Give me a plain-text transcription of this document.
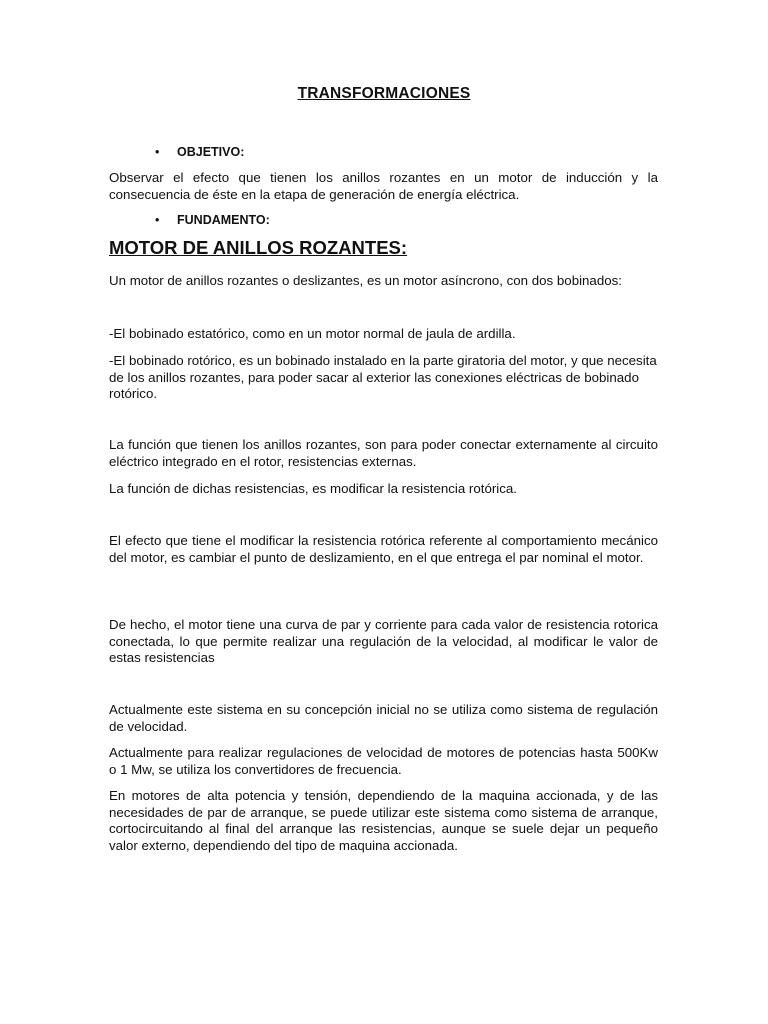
TRANSFORMACIONES
• OBJETIVO:
Observar el efecto que tienen los anillos rozantes en un motor de inducción y la consecuencia de éste en la etapa de generación de energía eléctrica.
• FUNDAMENTO:
MOTOR DE ANILLOS ROZANTES:
Un motor de anillos rozantes o deslizantes, es un motor asíncrono, con dos bobinados:
-El bobinado estatórico, como en un motor normal de jaula de ardilla.
-El bobinado rotórico, es un bobinado instalado en la parte giratoria del motor, y que necesita de los anillos rozantes, para poder sacar al exterior las conexiones eléctricas de bobinado rotórico.
La función que tienen los anillos rozantes, son para poder conectar externamente al circuito eléctrico integrado en el rotor, resistencias externas.
La función de dichas resistencias, es modificar la resistencia rotórica.
El efecto que tiene el modificar la resistencia rotórica referente al comportamiento mecánico del motor, es cambiar el punto de deslizamiento, en el que entrega el par nominal el motor.
De hecho, el motor tiene una curva de par y corriente para cada valor de resistencia rotorica conectada, lo que permite realizar una regulación de la velocidad, al modificar le valor de estas resistencias
Actualmente este sistema en su concepción inicial no se utiliza como sistema de regulación de velocidad.
Actualmente para realizar regulaciones de velocidad de motores de potencias hasta 500Kw o 1 Mw, se utiliza los convertidores de frecuencia.
En motores de alta potencia y tensión, dependiendo de la maquina accionada, y de las necesidades de par de arranque, se puede utilizar este sistema como sistema de arranque, cortocircuitando al final del arranque las resistencias, aunque se suele dejar un pequeño valor externo, dependiendo del tipo de maquina accionada.
